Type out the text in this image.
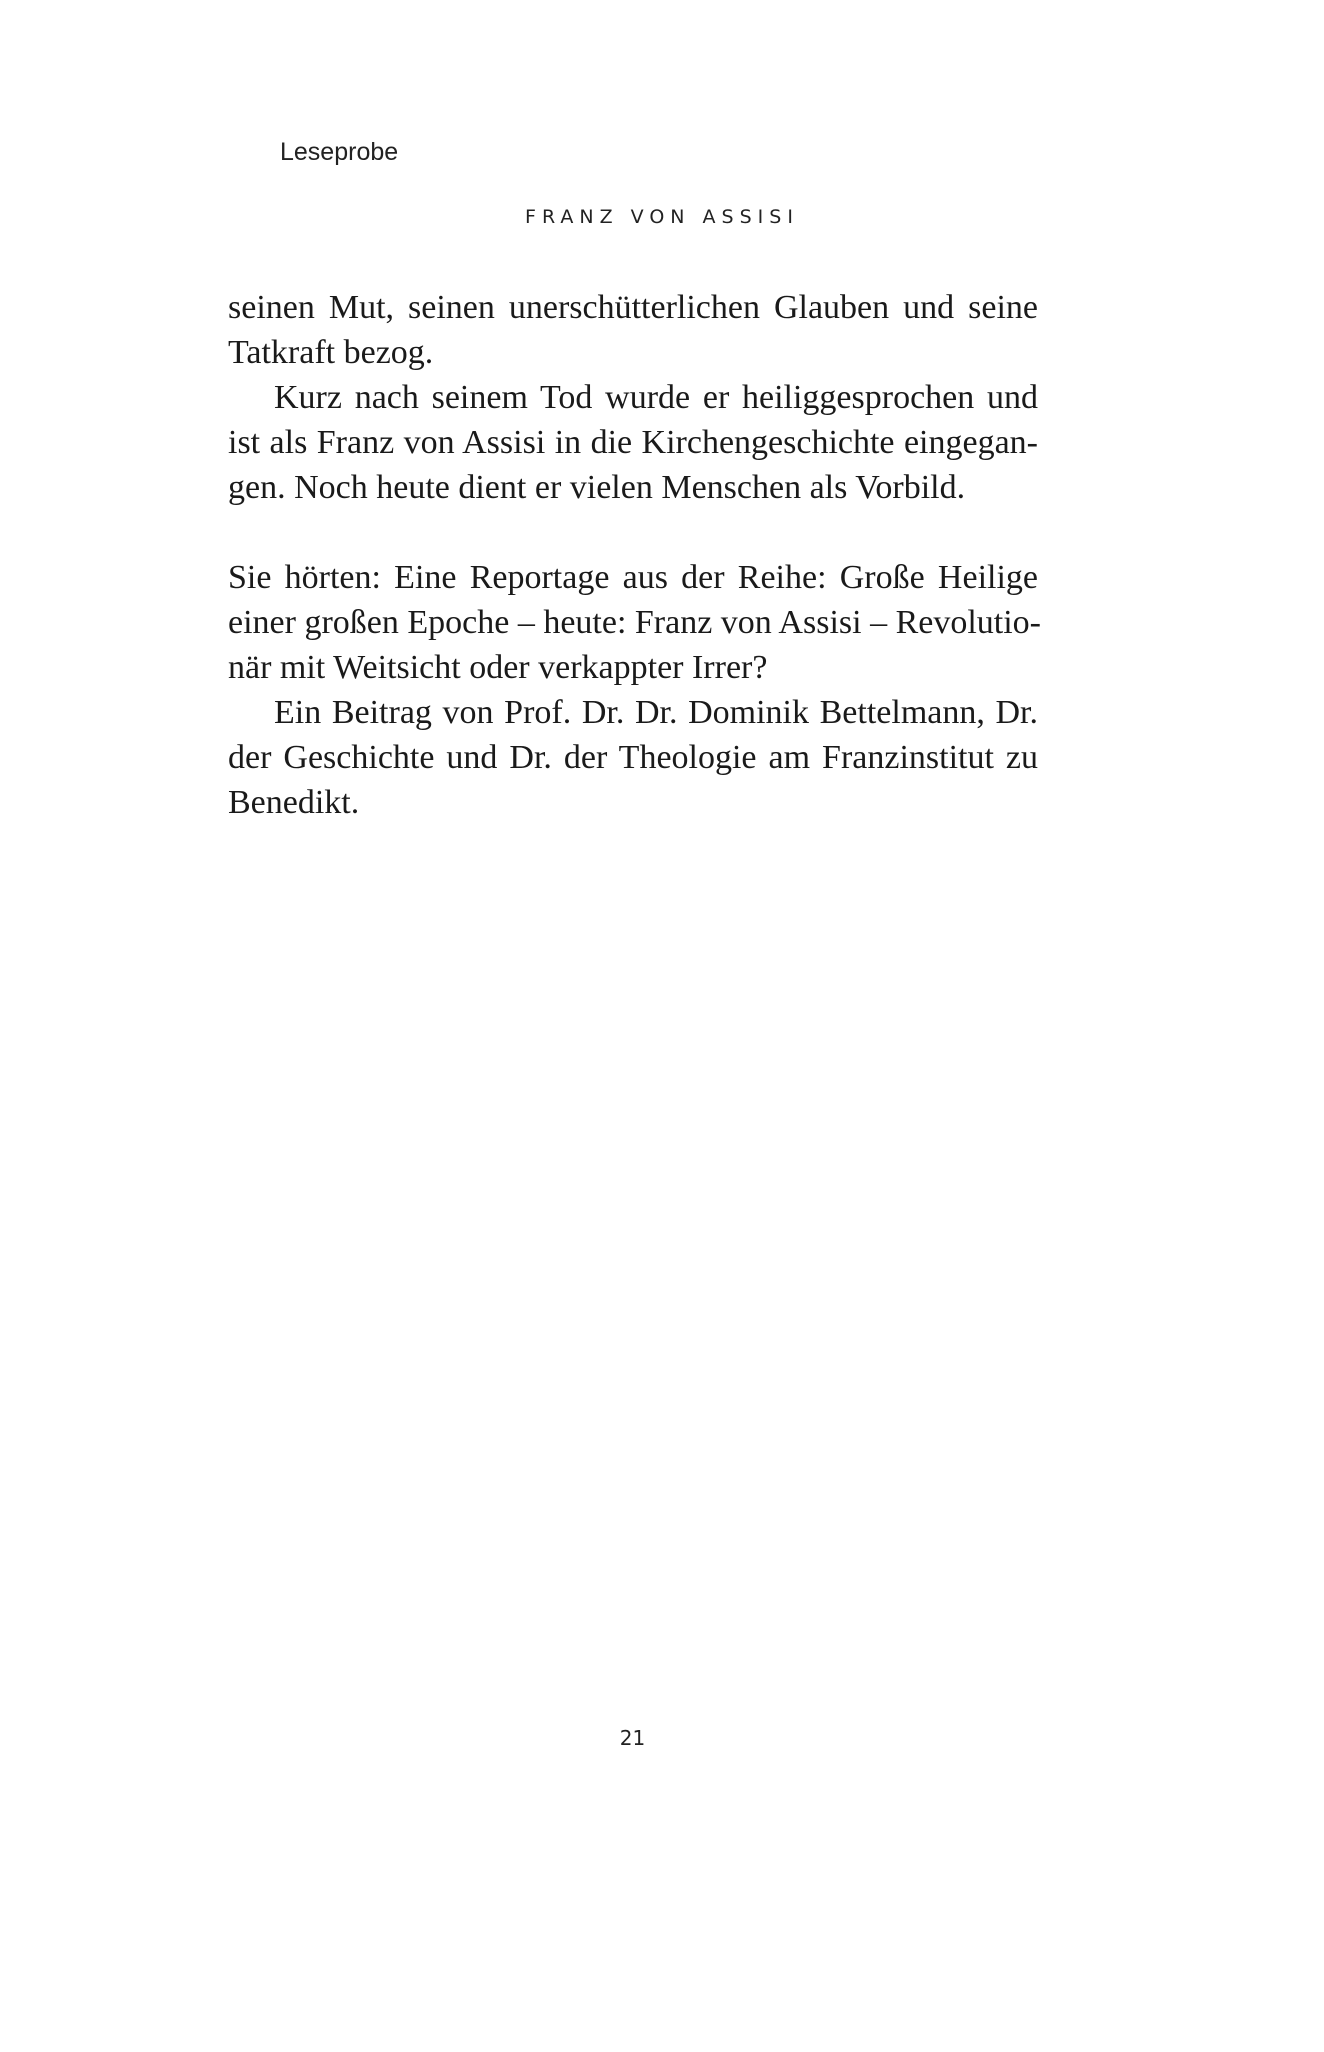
Leseprobe
FRANZ VON ASSISI
seinen Mut, seinen unerschütterlichen Glauben und seine
Tatkraft bezog.
Kurz nach seinem Tod wurde er heiliggesprochen und
ist als Franz von Assisi in die Kirchengeschichte eingegan-
gen. Noch heute dient er vielen Menschen als Vorbild.
Sie hörten: Eine Reportage aus der Reihe: Große Heilige
einer großen Epoche – heute: Franz von Assisi – Revolutio-
när mit Weitsicht oder verkappter Irrer?
Ein Beitrag von Prof. Dr. Dr. Dominik Bettelmann, Dr.
der Geschichte und Dr. der Theologie am Franzinstitut zu
Benedikt.
21
